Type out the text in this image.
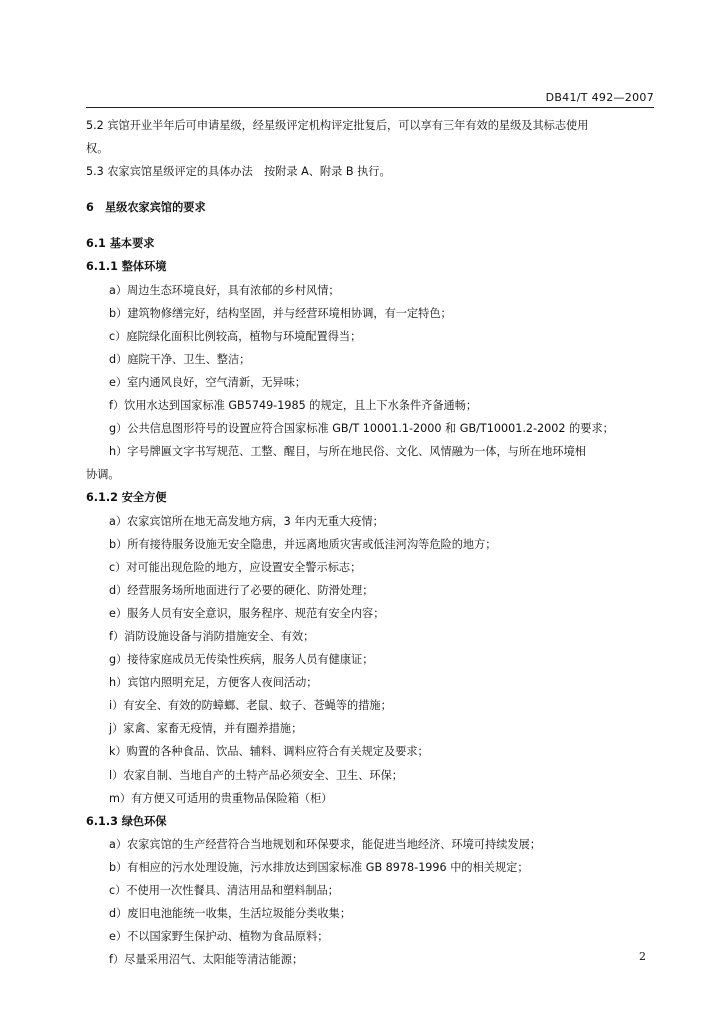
DB41/T 492—2007
5.2 宾馆开业半年后可申请星级，经星级评定机构评定批复后，可以享有三年有效的星级及其标志使用
权。
5.3 农家宾馆星级评定的具体办法　按附录 A、附录 B 执行。
6　星级农家宾馆的要求
6.1 基本要求
6.1.1 整体环境
a）周边生态环境良好，具有浓郁的乡村风情；
b）建筑物修缮完好，结构坚固，并与经营环境相协调，有一定特色；
c）庭院绿化面积比例较高，植物与环境配置得当；
d）庭院干净、卫生、整洁；
e）室内通风良好，空气清新，无异味；
f）饮用水达到国家标准 GB5749-1985 的规定，且上下水条件齐备通畅；
g）公共信息图形符号的设置应符合国家标准 GB/T 10001.1-2000 和 GB/T10001.2-2002 的要求；
h）字号牌匾文字书写规范、工整、醒目，与所在地民俗、文化、风情融为一体，与所在地环境相
协调。
6.1.2 安全方便
a）农家宾馆所在地无高发地方病，3 年内无重大疫情；
b）所有接待服务设施无安全隐患，并远离地质灾害或低洼河沟等危险的地方；
c）对可能出现危险的地方，应设置安全警示标志；
d）经营服务场所地面进行了必要的硬化、防滑处理；
e）服务人员有安全意识，服务程序、规范有安全内容；
f）消防设施设备与消防措施安全、有效；
g）接待家庭成员无传染性疾病，服务人员有健康证；
h）宾馆内照明充足，方便客人夜间活动；
i）有安全、有效的防蟑螂、老鼠、蚊子、苍蝇等的措施；
j）家禽、家畜无疫情，并有圈养措施；
k）购置的各种食品、饮品、辅料、调料应符合有关规定及要求；
l）农家自制、当地自产的土特产品必须安全、卫生、环保；
m）有方便又可适用的贵重物品保险箱（柜）
6.1.3 绿色环保
a）农家宾馆的生产经营符合当地规划和环保要求，能促进当地经济、环境可持续发展；
b）有相应的污水处理设施，污水排放达到国家标准 GB 8978-1996 中的相关规定；
c）不使用一次性餐具、清洁用品和塑料制品；
d）废旧电池能统一收集，生活垃圾能分类收集；
e）不以国家野生保护动、植物为食品原料；
f）尽量采用沼气、太阳能等清洁能源；	2
